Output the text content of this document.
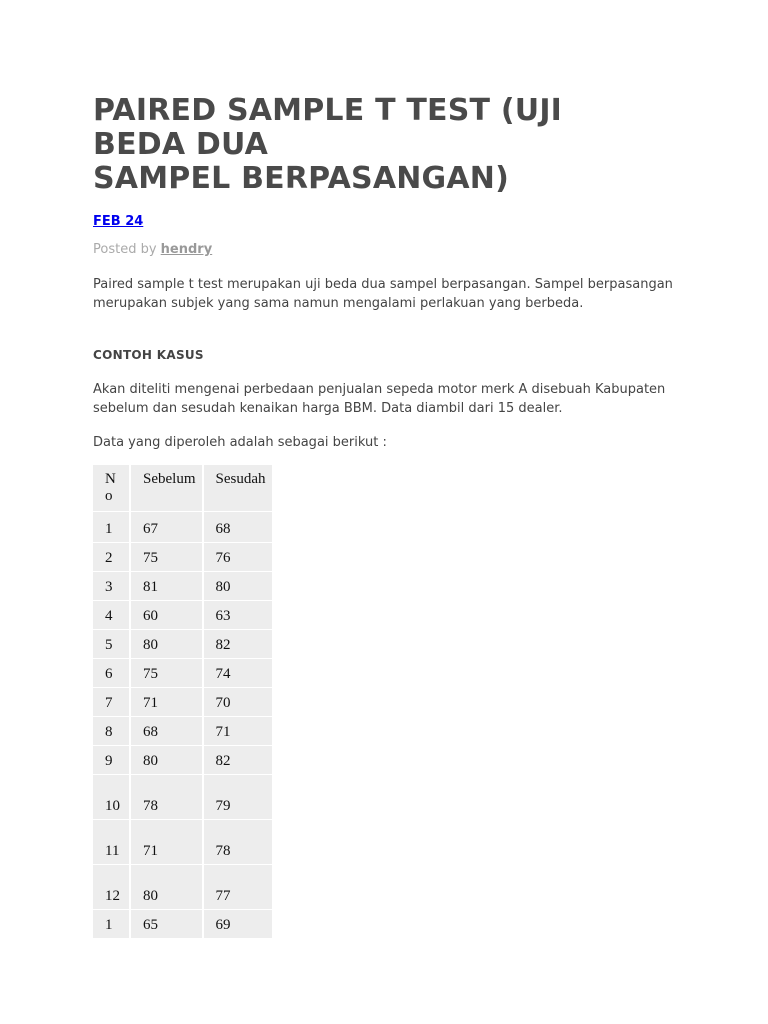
PAIRED SAMPLE T TEST (UJI
BEDA DUA
SAMPEL BERPASANGAN)
FEB 24
Posted by hendry

Paired sample t test merupakan uji beda dua sampel berpasangan. Sampel berpasangan merupakan subjek yang sama namun mengalami perlakuan yang berbeda.

CONTOH KASUS

Akan diteliti mengenai perbedaan penjualan sepeda motor merk A disebuah Kabupaten sebelum dan sesudah kenaikan harga BBM. Data diambil dari 15 dealer.

Data yang diperoleh adalah sebagai berikut :

No	Sebelum	Sesudah
1	67	68
2	75	76
3	81	80
4	60	63
5	80	82
6	75	74
7	71	70
8	68	71
9	80	82
10	78	79
11	71	78
12	80	77
1	65	69
